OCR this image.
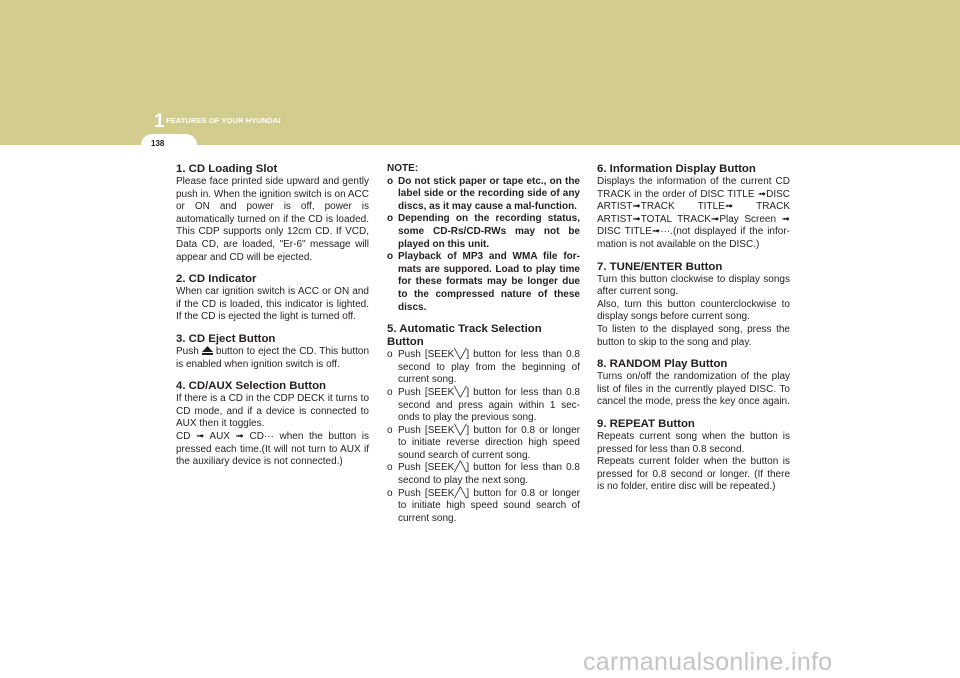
1 FEATURES OF YOUR HYUNDAI
138
1. CD Loading Slot

Please face printed side upward and gently push in. When the ignition switch is on ACC or ON and power is off, power is automatically turned on if the CD is loaded. This CDP supports only 12cm CD. If VCD, Data CD, are loaded, "Er-6" message will appear and CD will be ejected.

2. CD Indicator

When car ignition switch is ACC or ON and if the CD is loaded, this indicator is lighted. If the CD is ejected the light is turned off.

3. CD Eject Button

Push button to eject the CD. This button is enabled when ignition switch is off.

4. CD/AUX Selection Button

If there is a CD in the CDP DECK it turns to CD mode, and if a device is connected to AUX then it toggles.

CD ➟ AUX ➟ CD··· when the button is pressed each time.(It will not turn to AUX if the auxiliary device is not connected.)

NOTE:

o Do not stick paper or tape etc., on the label side or the recording side of any discs, as it may cause a mal-function.
o Depending on the recording status, some CD-Rs/CD-RWs may not be played on this unit.
o Playback of MP3 and WMA file for-mats are suppored. Load to play time for these formats may be longer due to the compressed nature of these discs.
5. Automatic Track Selection Button
o Push [SEEK╲╱] button for less than 0.8 second to play from the beginning of current song.
o Push [SEEK╲╱] button for less than 0.8 second and press again within 1 sec-onds to play the previous song.
o Push [SEEK╲╱] button for 0.8 or longer to initiate reverse direction high speed sound search of current song.
o Push [SEEK╱╲] button for less than 0.8 second to play the next song.
o Push [SEEK╱╲] button for 0.8 or longer to initiate high speed sound search of current song.
6. Information Display Button

Displays the information of the current CD TRACK in the order of DISC TITLE ➟DISC ARTIST➟TRACK TITLE➟ TRACK ARTIST➟TOTAL TRACK➟Play Screen ➟ DISC TITLE➟···.(not displayed if the infor-mation is not available on the DISC.)

7. TUNE/ENTER Button

Turn this button clockwise to display songs after current song.

Also, turn this button counterclockwise to display songs before current song.

To listen to the displayed song, press the button to skip to the song and play.

8. RANDOM Play Button

Turns on/off the randomization of the play list of files in the currently played DISC. To cancel the mode, press the key once again.

9. REPEAT Button

Repeats current song when the button is pressed for less than 0.8 second.

Repeats current folder when the button is pressed for 0.8 second or longer. (If there is no folder, entire disc will be repeated.)

carmanualsonline.info
